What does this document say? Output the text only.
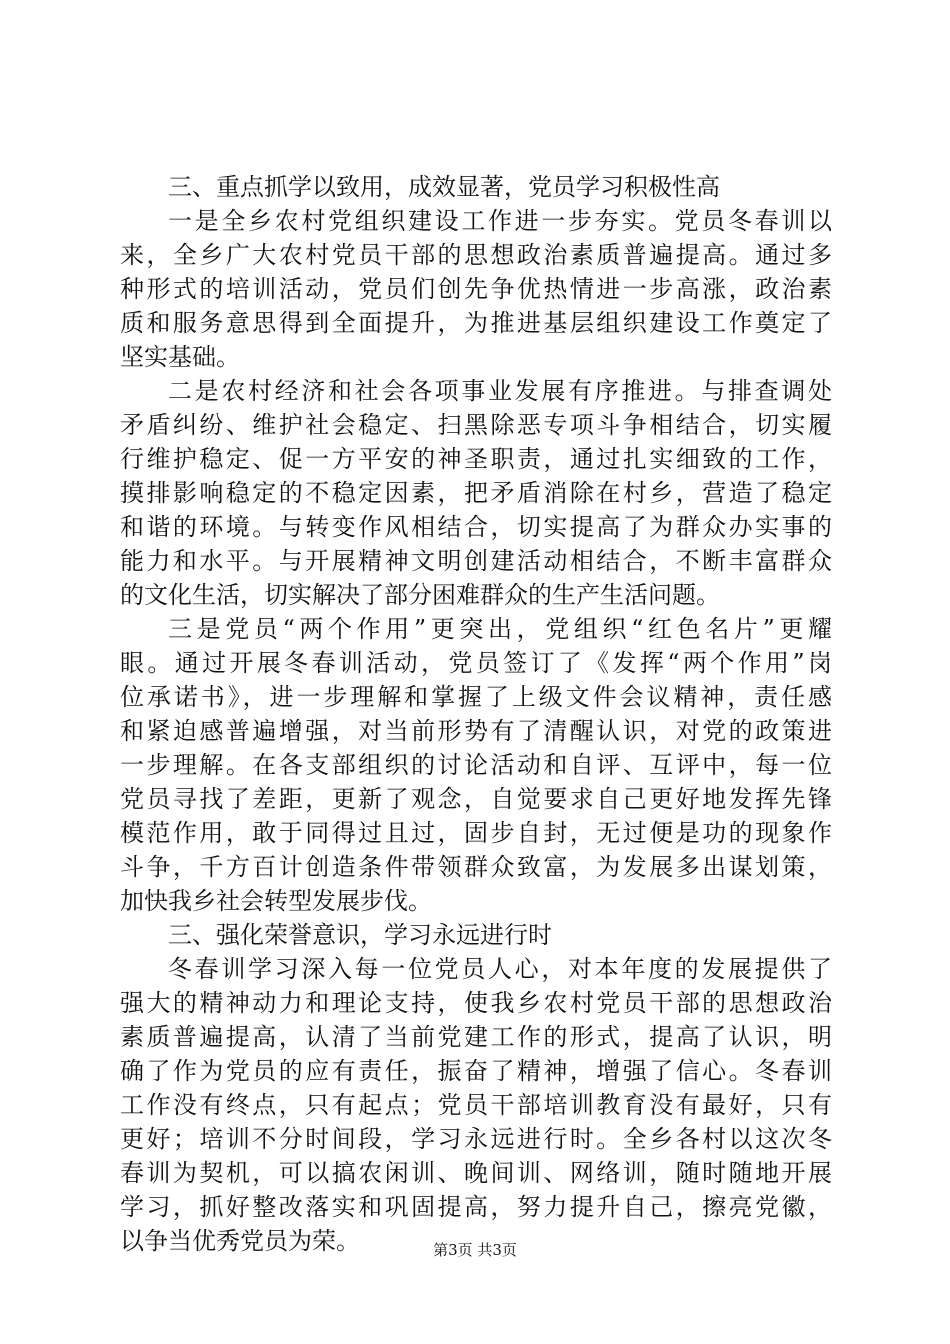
三、重点抓学以致用，成效显著，党员学习积极性高
一是全乡农村党组织建设工作进一步夯实。党员冬春训以
来，全乡广大农村党员干部的思想政治素质普遍提高。通过多
种形式的培训活动，党员们创先争优热情进一步高涨，政治素
质和服务意思得到全面提升，为推进基层组织建设工作奠定了
坚实基础。
二是农村经济和社会各项事业发展有序推进。与排查调处
矛盾纠纷、维护社会稳定、扫黑除恶专项斗争相结合，切实履
行维护稳定、促一方平安的神圣职责，通过扎实细致的工作，
摸排影响稳定的不稳定因素，把矛盾消除在村乡，营造了稳定
和谐的环境。与转变作风相结合，切实提高了为群众办实事的
能力和水平。与开展精神文明创建活动相结合，不断丰富群众
的文化生活，切实解决了部分困难群众的生产生活问题。
三是党员“两个作用”更突出，党组织“红色名片”更耀
眼。通过开展冬春训活动，党员签订了《发挥“两个作用”岗
位承诺书》，进一步理解和掌握了上级文件会议精神，责任感
和紧迫感普遍增强，对当前形势有了清醒认识，对党的政策进
一步理解。在各支部组织的讨论活动和自评、互评中，每一位
党员寻找了差距，更新了观念，自觉要求自己更好地发挥先锋
模范作用，敢于同得过且过，固步自封，无过便是功的现象作
斗争，千方百计创造条件带领群众致富，为发展多出谋划策，
加快我乡社会转型发展步伐。
三、强化荣誉意识，学习永远进行时
冬春训学习深入每一位党员人心，对本年度的发展提供了
强大的精神动力和理论支持，使我乡农村党员干部的思想政治
素质普遍提高，认清了当前党建工作的形式，提高了认识，明
确了作为党员的应有责任，振奋了精神，增强了信心。冬春训
工作没有终点，只有起点；党员干部培训教育没有最好，只有
更好；培训不分时间段，学习永远进行时。全乡各村以这次冬
春训为契机，可以搞农闲训、晚间训、网络训，随时随地开展
学习，抓好整改落实和巩固提高，努力提升自己，擦亮党徽，
以争当优秀党员为荣。	第3页 共3页
